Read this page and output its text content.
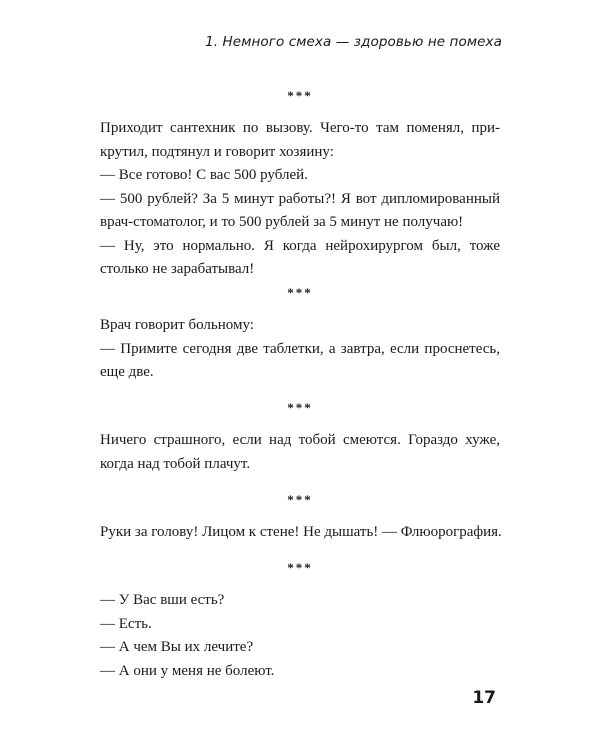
1. Немного смеха — здоровью не помеха
***
Приходит сантехник по вызову. Чего-то там поменял, при-
крутил, подтянул и говорит хозяину:
— Все готово! С вас 500 рублей.
— 500 рублей? За 5 минут работы?! Я вот дипломированный
врач-стоматолог, и то 500 рублей за 5 минут не получаю!
— Ну, это нормально. Я когда нейрохирургом был, тоже
столько не зарабатывал!
***
Врач говорит больному:
— Примите сегодня две таблетки, а завтра, если проснетесь,
еще две.
***
Ничего страшного, если над тобой смеются. Гораздо хуже,
когда над тобой плачут.
***
Руки за голову! Лицом к стене! Не дышать! — Флюорография.
***
— У Вас вши есть?
— Есть.
— А чем Вы их лечите?
— А они у меня не болеют.
17
